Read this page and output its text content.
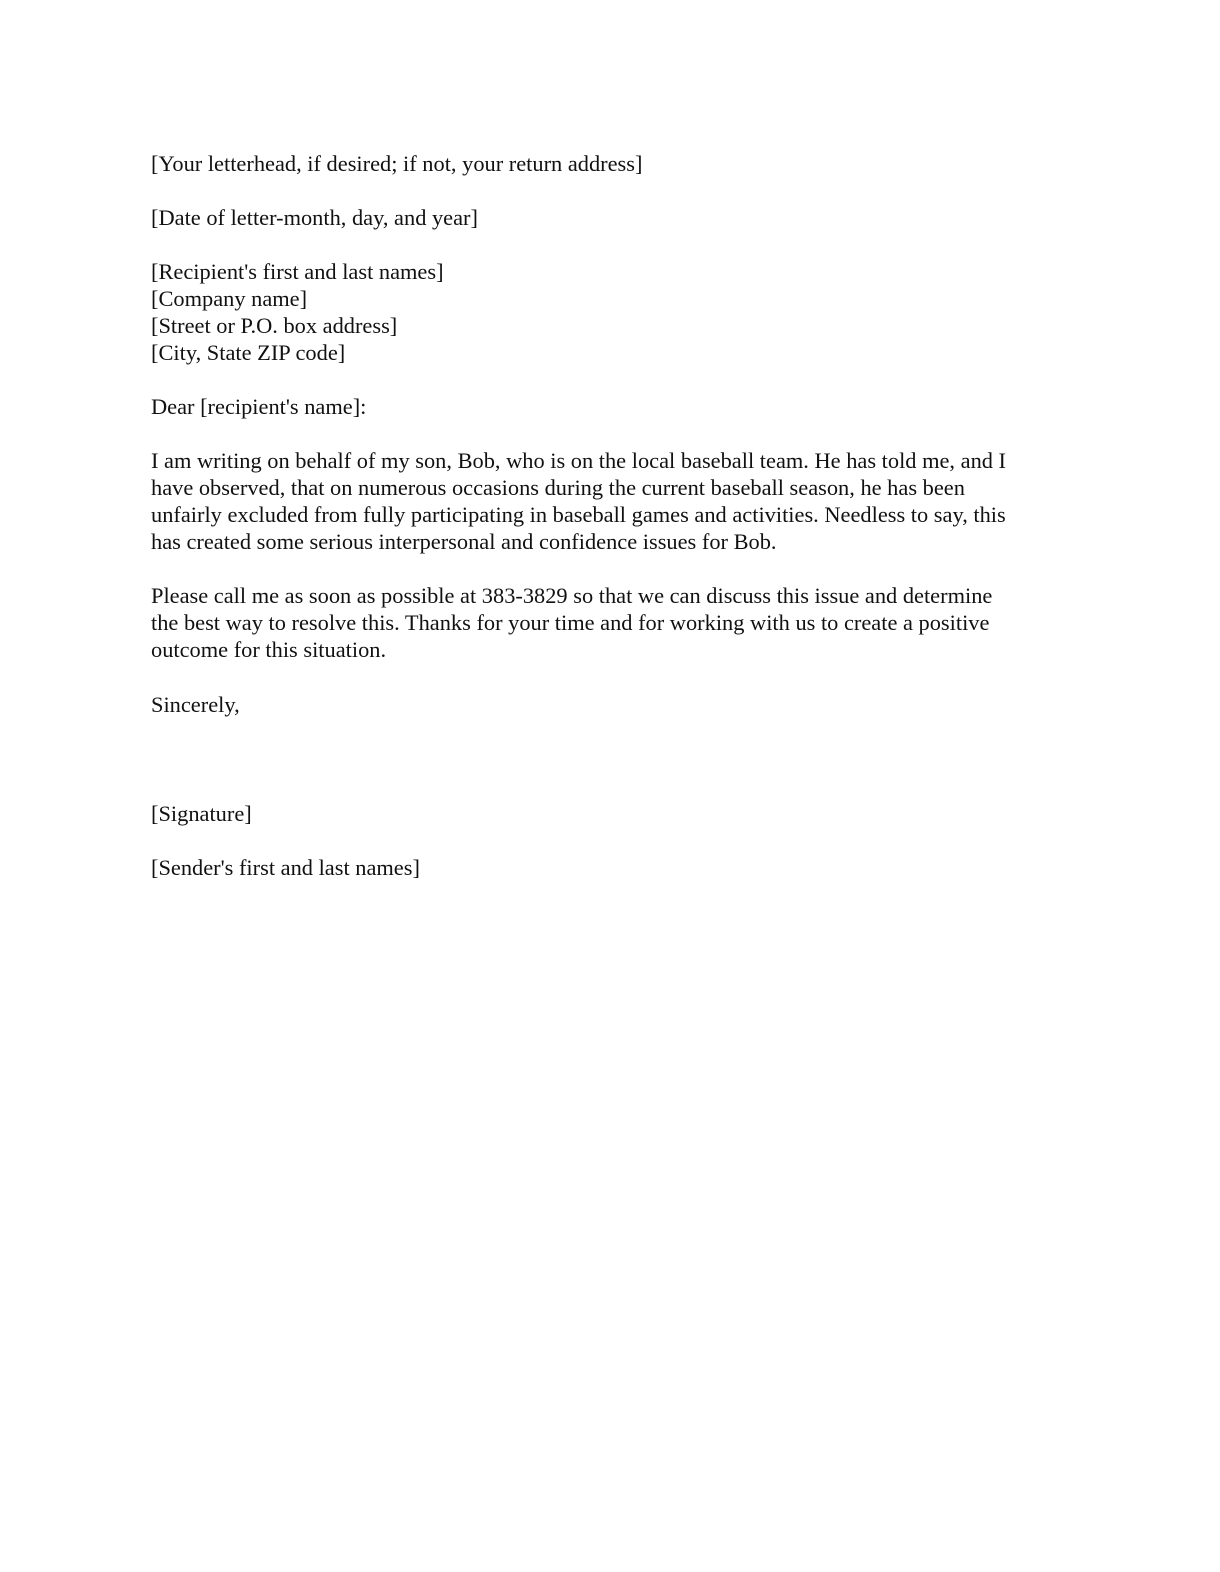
[Your letterhead, if desired; if not, your return address]
[Date of letter-month, day, and year]
[Recipient's first and last names]
[Company name]
[Street or P.O. box address]
[City, State ZIP code]
Dear [recipient's name]:
I am writing on behalf of my son, Bob, who is on the local baseball team. He has told me, and I
have observed, that on numerous occasions during the current baseball season, he has been
unfairly excluded from fully participating in baseball games and activities. Needless to say, this
has created some serious interpersonal and confidence issues for Bob.
Please call me as soon as possible at 383-3829 so that we can discuss this issue and determine
the best way to resolve this. Thanks for your time and for working with us to create a positive
outcome for this situation.
Sincerely,
[Signature]
[Sender's first and last names]
